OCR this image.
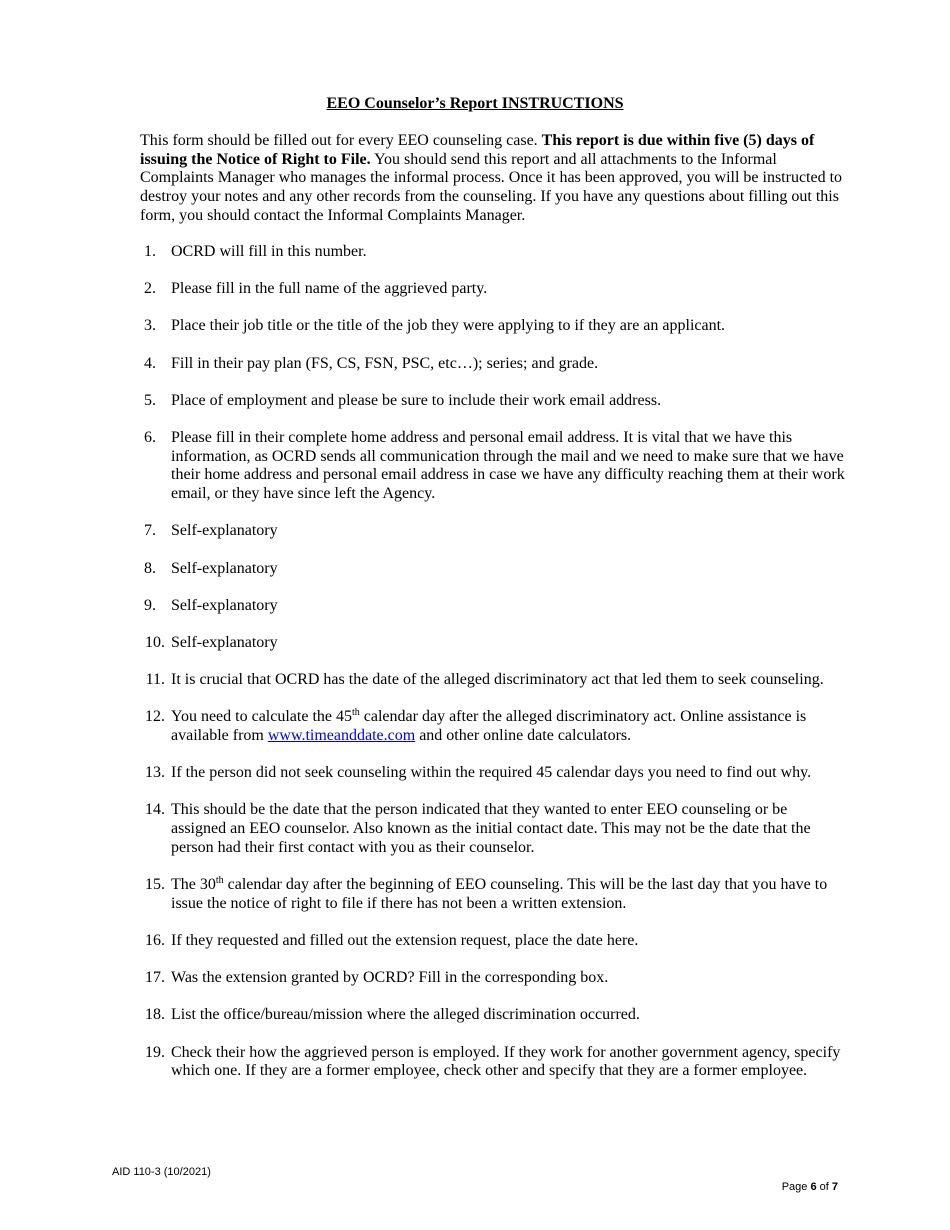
EEO Counselor’s Report INSTRUCTIONS

This form should be filled out for every EEO counseling case. This report is due within five (5) days of issuing the Notice of Right to File. You should send this report and all attachments to the Informal Complaints Manager who manages the informal process. Once it has been approved, you will be instructed to destroy your notes and any other records from the counseling. If you have any questions about filling out this form, you should contact the Informal Complaints Manager.

1. OCRD will fill in this number.
2. Please fill in the full name of the aggrieved party.
3. Place their job title or the title of the job they were applying to if they are an applicant.
4. Fill in their pay plan (FS, CS, FSN, PSC, etc…); series; and grade.
5. Place of employment and please be sure to include their work email address.
6. Please fill in their complete home address and personal email address. It is vital that we have this information, as OCRD sends all communication through the mail and we need to make sure that we have their home address and personal email address in case we have any difficulty reaching them at their work email, or they have since left the Agency.
7. Self-explanatory
8. Self-explanatory
9. Self-explanatory
10. Self-explanatory
11. It is crucial that OCRD has the date of the alleged discriminatory act that led them to seek counseling.
12. You need to calculate the 45th calendar day after the alleged discriminatory act. Online assistance is available from www.timeanddate.com and other online date calculators.
13. If the person did not seek counseling within the required 45 calendar days you need to find out why.
14. This should be the date that the person indicated that they wanted to enter EEO counseling or be assigned an EEO counselor. Also known as the initial contact date. This may not be the date that the person had their first contact with you as their counselor.
15. The 30th calendar day after the beginning of EEO counseling. This will be the last day that you have to issue the notice of right to file if there has not been a written extension.
16. If they requested and filled out the extension request, place the date here.
17. Was the extension granted by OCRD? Fill in the corresponding box.
18. List the office/bureau/mission where the alleged discrimination occurred.
19. Check their how the aggrieved person is employed. If they work for another government agency, specify which one. If they are a former employee, check other and specify that they are a former employee.
AID 110-3 (10/2021)
Page 6 of 7
